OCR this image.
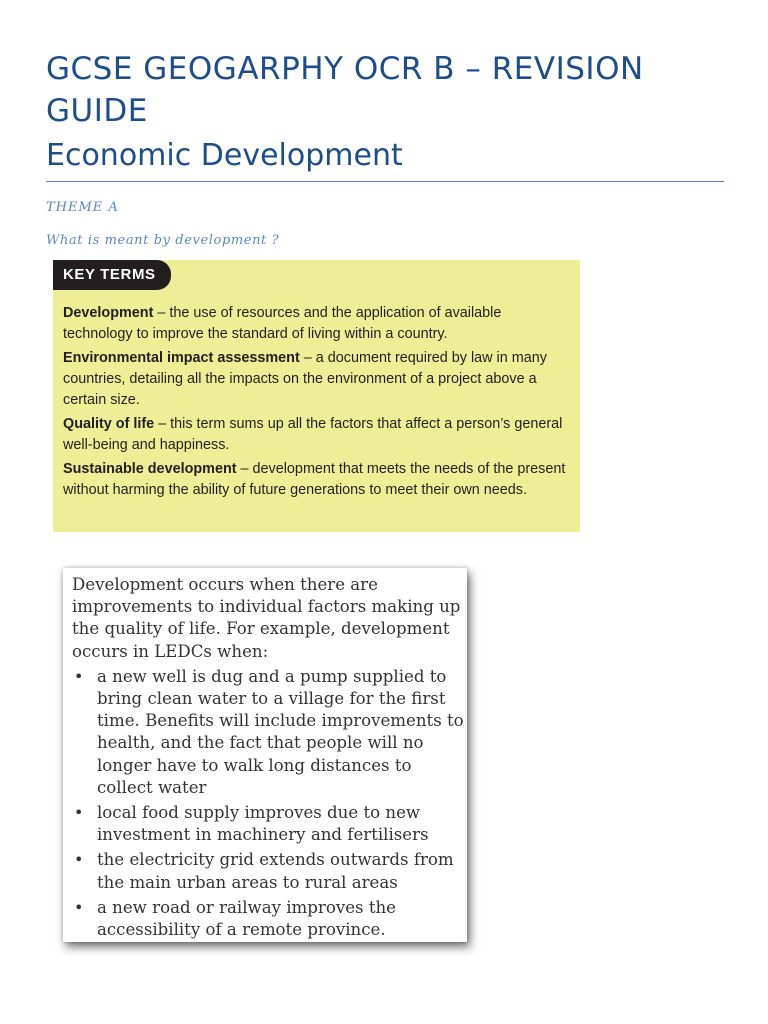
GCSE GEOGARPHY OCR B – REVISION GUIDE
Economic Development
THEME A
What is meant by development ?
KEY TERMS

Development – the use of resources and the application of available technology to improve the standard of living within a country.

Environmental impact assessment – a document required by law in many countries, detailing all the impacts on the environment of a project above a certain size.

Quality of life – this term sums up all the factors that affect a person’s general well-being and happiness.

Sustainable development – development that meets the needs of the present without harming the ability of future generations to meet their own needs.

Development occurs when there are improvements to individual factors making up the quality of life. For example, development occurs in LEDCs when:
• a new well is dug and a pump supplied to bring clean water to a village for the first time. Benefits will include improvements to health, and the fact that people will no longer have to walk long distances to collect water
• local food supply improves due to new investment in machinery and fertilisers
• the electricity grid extends outwards from the main urban areas to rural areas
• a new road or railway improves the accessibility of a remote province.
